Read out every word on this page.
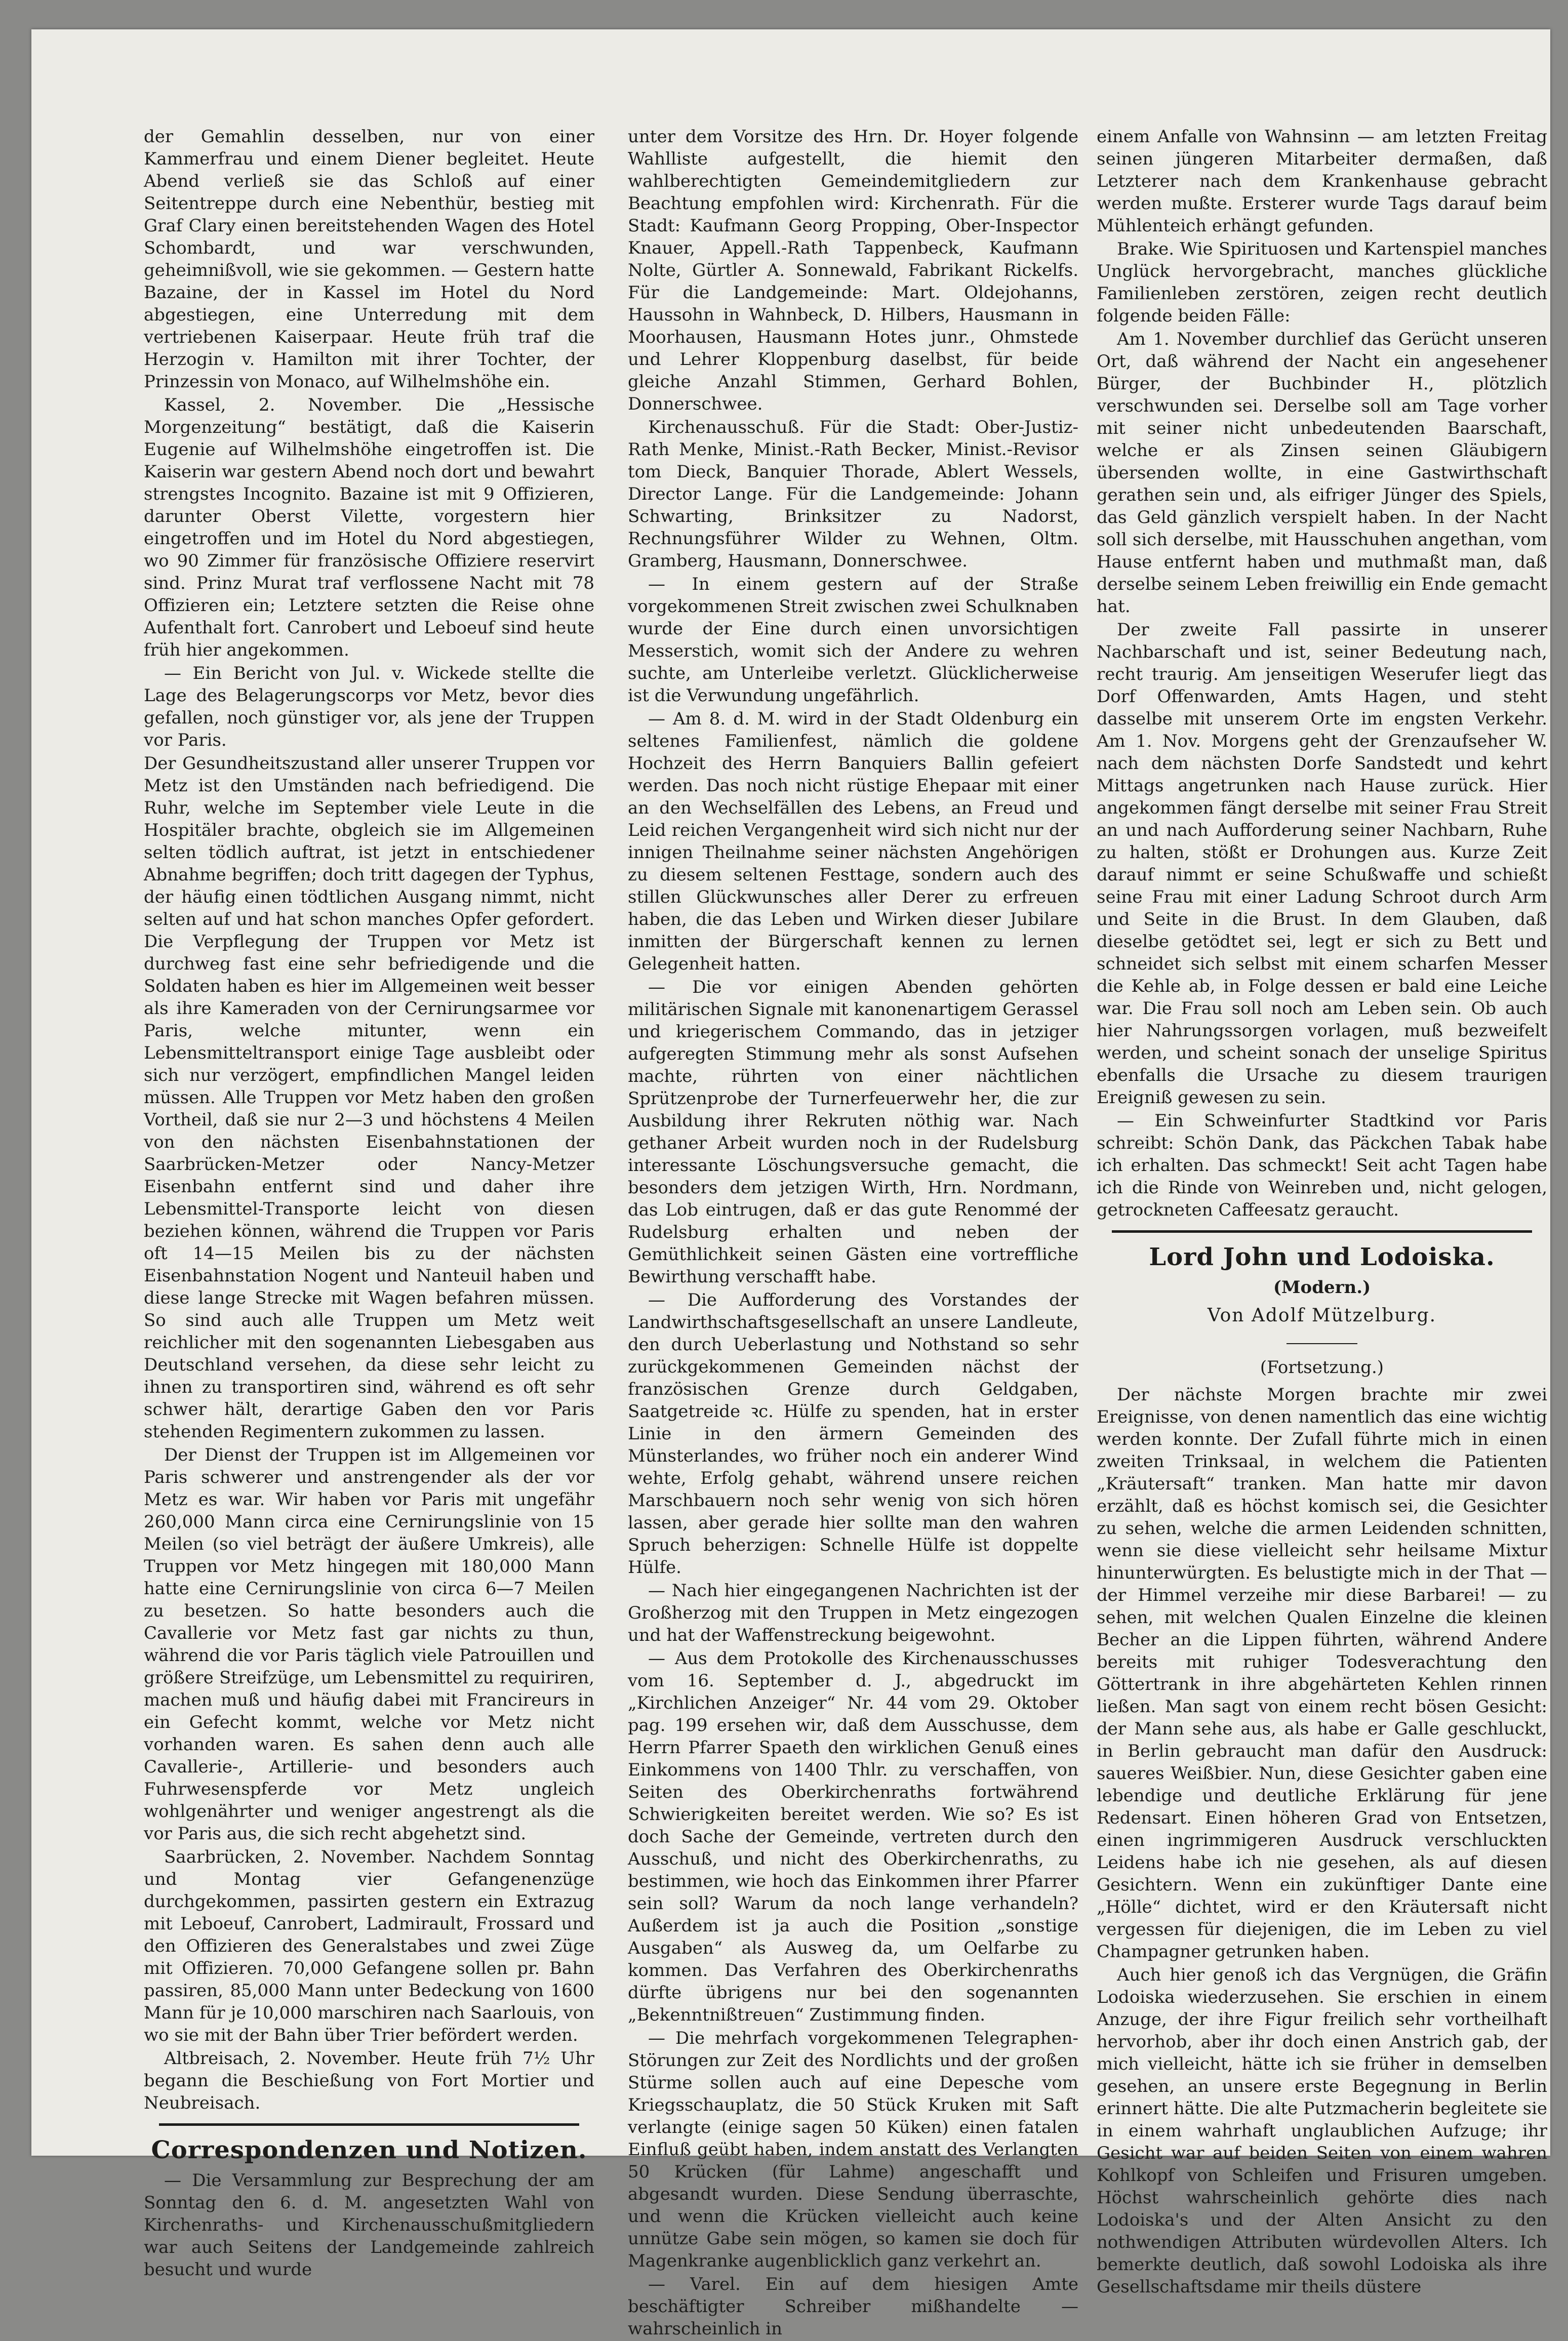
der Gemahlin desselben, nur von einer Kammerfrau und einem Diener begleitet. Heute Abend verließ sie das Schloß auf einer Seitentreppe durch eine Nebenthür, bestieg mit Graf Clary einen bereitstehenden Wagen des Hotel Schombardt, und war verschwunden, geheimnißvoll, wie sie gekommen. — Gestern hatte Bazaine, der in Kassel im Hotel du Nord abgestiegen, eine Unterredung mit dem vertriebenen Kaiserpaar. Heute früh traf die Herzogin v. Hamilton mit ihrer Tochter, der Prinzessin von Monaco, auf Wilhelmshöhe ein.

Kassel, 2. November. Die „Hessische Morgenzeitung“ bestätigt, daß die Kaiserin Eugenie auf Wilhelmshöhe eingetroffen ist. Die Kaiserin war gestern Abend noch dort und bewahrt strengstes Incognito. Bazaine ist mit 9 Offizieren, darunter Oberst Vilette, vorgestern hier eingetroffen und im Hotel du Nord abgestiegen, wo 90 Zimmer für französische Offiziere reservirt sind. Prinz Murat traf verflossene Nacht mit 78 Offizieren ein; Letztere setzten die Reise ohne Aufenthalt fort. Canrobert und Leboeuf sind heute früh hier angekommen.

— Ein Bericht von Jul. v. Wickede stellte die Lage des Belagerungscorps vor Metz, bevor dies gefallen, noch günstiger vor, als jene der Truppen vor Paris.

Der Gesundheitszustand aller unserer Truppen vor Metz ist den Umständen nach befriedigend. Die Ruhr, welche im September viele Leute in die Hospitäler brachte, obgleich sie im Allgemeinen selten tödlich auftrat, ist jetzt in entschiedener Abnahme begriffen; doch tritt dagegen der Typhus, der häufig einen tödtlichen Ausgang nimmt, nicht selten auf und hat schon manches Opfer gefordert. Die Verpflegung der Truppen vor Metz ist durchweg fast eine sehr befriedigende und die Soldaten haben es hier im Allgemeinen weit besser als ihre Kameraden von der Cernirungsarmee vor Paris, welche mitunter, wenn ein Lebensmitteltransport einige Tage ausbleibt oder sich nur verzögert, empfindlichen Mangel leiden müssen. Alle Truppen vor Metz haben den großen Vortheil, daß sie nur 2—3 und höchstens 4 Meilen von den nächsten Eisenbahnstationen der Saarbrücken-Metzer oder Nancy-Metzer Eisenbahn entfernt sind und daher ihre Lebensmittel-Transporte leicht von diesen beziehen können, während die Truppen vor Paris oft 14—15 Meilen bis zu der nächsten Eisenbahnstation Nogent und Nanteuil haben und diese lange Strecke mit Wagen befahren müssen. So sind auch alle Truppen um Metz weit reichlicher mit den sogenannten Liebesgaben aus Deutschland versehen, da diese sehr leicht zu ihnen zu transportiren sind, während es oft sehr schwer hält, derartige Gaben den vor Paris stehenden Regimentern zukommen zu lassen.

Der Dienst der Truppen ist im Allgemeinen vor Paris schwerer und anstrengender als der vor Metz es war. Wir haben vor Paris mit ungefähr 260,000 Mann circa eine Cernirungslinie von 15 Meilen (so viel beträgt der äußere Umkreis), alle Truppen vor Metz hingegen mit 180,000 Mann hatte eine Cernirungslinie von circa 6—7 Meilen zu besetzen. So hatte besonders auch die Cavallerie vor Metz fast gar nichts zu thun, während die vor Paris täglich viele Patrouillen und größere Streifzüge, um Lebensmittel zu requiriren, machen muß und häufig dabei mit Francireurs in ein Gefecht kommt, welche vor Metz nicht vorhanden waren. Es sahen denn auch alle Cavallerie-, Artillerie- und besonders auch Fuhrwesenspferde vor Metz ungleich wohlgenährter und weniger angestrengt als die vor Paris aus, die sich recht abgehetzt sind.

Saarbrücken, 2. November. Nachdem Sonntag und Montag vier Gefangenenzüge durchgekommen, passirten gestern ein Extrazug mit Leboeuf, Canrobert, Ladmirault, Frossard und den Offizieren des Generalstabes und zwei Züge mit Offizieren. 70,000 Gefangene sollen pr. Bahn passiren, 85,000 Mann unter Bedeckung von 1600 Mann für je 10,000 marschiren nach Saarlouis, von wo sie mit der Bahn über Trier befördert werden.

Altbreisach, 2. November. Heute früh 7½ Uhr begann die Beschießung von Fort Mortier und Neubreisach.

Correspondenzen und Notizen.

— Die Versammlung zur Besprechung der am Sonntag den 6. d. M. angesetzten Wahl von Kirchenraths- und Kirchenausschußmitgliedern war auch Seitens der Landgemeinde zahlreich besucht und wurde

unter dem Vorsitze des Hrn. Dr. Hoyer folgende Wahlliste aufgestellt, die hiemit den wahlberechtigten Gemeindemitgliedern zur Beachtung empfohlen wird: Kirchenrath. Für die Stadt: Kaufmann Georg Propping, Ober-Inspector Knauer, Appell.-Rath Tappenbeck, Kaufmann Nolte, Gürtler A. Sonnewald, Fabrikant Rickelfs. Für die Landgemeinde: Mart. Oldejohanns, Haussohn in Wahnbeck, D. Hilbers, Hausmann in Moorhausen, Hausmann Hotes junr., Ohmstede und Lehrer Kloppenburg daselbst, für beide gleiche Anzahl Stimmen, Gerhard Bohlen, Donnerschwee.

Kirchenausschuß. Für die Stadt: Ober-Justiz-Rath Menke, Minist.-Rath Becker, Minist.-Revisor tom Dieck, Banquier Thorade, Ablert Wessels, Director Lange. Für die Landgemeinde: Johann Schwarting, Brinksitzer zu Nadorst, Rechnungsführer Wilder zu Wehnen, Oltm. Gramberg, Hausmann, Donnerschwee.

— In einem gestern auf der Straße vorgekommenen Streit zwischen zwei Schulknaben wurde der Eine durch einen unvorsichtigen Messerstich, womit sich der Andere zu wehren suchte, am Unterleibe verletzt. Glücklicherweise ist die Verwundung ungefährlich.

— Am 8. d. M. wird in der Stadt Oldenburg ein seltenes Familienfest, nämlich die goldene Hochzeit des Herrn Banquiers Ballin gefeiert werden. Das noch nicht rüstige Ehepaar mit einer an den Wechselfällen des Lebens, an Freud und Leid reichen Vergangenheit wird sich nicht nur der innigen Theilnahme seiner nächsten Angehörigen zu diesem seltenen Festtage, sondern auch des stillen Glückwunsches aller Derer zu erfreuen haben, die das Leben und Wirken dieser Jubilare inmitten der Bürgerschaft kennen zu lernen Gelegenheit hatten.

— Die vor einigen Abenden gehörten militärischen Signale mit kanonenartigem Gerassel und kriegerischem Commando, das in jetziger aufgeregten Stimmung mehr als sonst Aufsehen machte, rührten von einer nächtlichen Sprützenprobe der Turnerfeuerwehr her, die zur Ausbildung ihrer Rekruten nöthig war. Nach gethaner Arbeit wurden noch in der Rudelsburg interessante Löschungsversuche gemacht, die besonders dem jetzigen Wirth, Hrn. Nordmann, das Lob eintrugen, daß er das gute Renommé der Rudelsburg erhalten und neben der Gemüthlichkeit seinen Gästen eine vortreffliche Bewirthung verschafft habe.

— Die Aufforderung des Vorstandes der Landwirthschaftsgesellschaft an unsere Landleute, den durch Ueberlastung und Nothstand so sehr zurückgekommenen Gemeinden nächst der französischen Grenze durch Geldgaben, Saatgetreide ꝛc. Hülfe zu spenden, hat in erster Linie in den ärmern Gemeinden des Münsterlandes, wo früher noch ein anderer Wind wehte, Erfolg gehabt, während unsere reichen Marschbauern noch sehr wenig von sich hören lassen, aber gerade hier sollte man den wahren Spruch beherzigen: Schnelle Hülfe ist doppelte Hülfe.

— Nach hier eingegangenen Nachrichten ist der Großherzog mit den Truppen in Metz eingezogen und hat der Waffenstreckung beigewohnt.

— Aus dem Protokolle des Kirchenausschusses vom 16. September d. J., abgedruckt im „Kirchlichen Anzeiger“ Nr. 44 vom 29. Oktober pag. 199 ersehen wir, daß dem Ausschusse, dem Herrn Pfarrer Spaeth den wirklichen Genuß eines Einkommens von 1400 Thlr. zu verschaffen, von Seiten des Oberkirchenraths fortwährend Schwierigkeiten bereitet werden. Wie so? Es ist doch Sache der Gemeinde, vertreten durch den Ausschuß, und nicht des Oberkirchenraths, zu bestimmen, wie hoch das Einkommen ihrer Pfarrer sein soll? Warum da noch lange verhandeln? Außerdem ist ja auch die Position „sonstige Ausgaben“ als Ausweg da, um Oelfarbe zu kommen. Das Verfahren des Oberkirchenraths dürfte übrigens nur bei den sogenannten „Bekenntnißtreuen“ Zustimmung finden.

— Die mehrfach vorgekommenen Telegraphen-Störungen zur Zeit des Nordlichts und der großen Stürme sollen auch auf eine Depesche vom Kriegsschauplatz, die 50 Stück Kruken mit Saft verlangte (einige sagen 50 Küken) einen fatalen Einfluß geübt haben, indem anstatt des Verlangten 50 Krücken (für Lahme) angeschafft und abgesandt wurden. Diese Sendung überraschte, und wenn die Krücken vielleicht auch keine unnütze Gabe sein mögen, so kamen sie doch für Magenkranke augenblicklich ganz verkehrt an.

— Varel. Ein auf dem hiesigen Amte beschäftigter Schreiber mißhandelte — wahrscheinlich in

einem Anfalle von Wahnsinn — am letzten Freitag seinen jüngeren Mitarbeiter dermaßen, daß Letzterer nach dem Krankenhause gebracht werden mußte. Ersterer wurde Tags darauf beim Mühlenteich erhängt gefunden.

Brake. Wie Spirituosen und Kartenspiel manches Unglück hervorgebracht, manches glückliche Familienleben zerstören, zeigen recht deutlich folgende beiden Fälle:

Am 1. November durchlief das Gerücht unseren Ort, daß während der Nacht ein angesehener Bürger, der Buchbinder H., plötzlich verschwunden sei. Derselbe soll am Tage vorher mit seiner nicht unbedeutenden Baarschaft, welche er als Zinsen seinen Gläubigern übersenden wollte, in eine Gastwirthschaft gerathen sein und, als eifriger Jünger des Spiels, das Geld gänzlich verspielt haben. In der Nacht soll sich derselbe, mit Hausschuhen angethan, vom Hause entfernt haben und muthmaßt man, daß derselbe seinem Leben freiwillig ein Ende gemacht hat.

Der zweite Fall passirte in unserer Nachbarschaft und ist, seiner Bedeutung nach, recht traurig. Am jenseitigen Weserufer liegt das Dorf Offenwarden, Amts Hagen, und steht dasselbe mit unserem Orte im engsten Verkehr. Am 1. Nov. Morgens geht der Grenzaufseher W. nach dem nächsten Dorfe Sandstedt und kehrt Mittags angetrunken nach Hause zurück. Hier angekommen fängt derselbe mit seiner Frau Streit an und nach Aufforderung seiner Nachbarn, Ruhe zu halten, stößt er Drohungen aus. Kurze Zeit darauf nimmt er seine Schußwaffe und schießt seine Frau mit einer Ladung Schroot durch Arm und Seite in die Brust. In dem Glauben, daß dieselbe getödtet sei, legt er sich zu Bett und schneidet sich selbst mit einem scharfen Messer die Kehle ab, in Folge dessen er bald eine Leiche war. Die Frau soll noch am Leben sein. Ob auch hier Nahrungssorgen vorlagen, muß bezweifelt werden, und scheint sonach der unselige Spiritus ebenfalls die Ursache zu diesem traurigen Ereigniß gewesen zu sein.

— Ein Schweinfurter Stadtkind vor Paris schreibt: Schön Dank, das Päckchen Tabak habe ich erhalten. Das schmeckt! Seit acht Tagen habe ich die Rinde von Weinreben und, nicht gelogen, getrockneten Caffeesatz geraucht.

Lord John und Lodoiska.
(Modern.)
Von Adolf Mützelburg.
(Fortsetzung.)

Der nächste Morgen brachte mir zwei Ereignisse, von denen namentlich das eine wichtig werden konnte. Der Zufall führte mich in einen zweiten Trinksaal, in welchem die Patienten „Kräutersaft“ tranken. Man hatte mir davon erzählt, daß es höchst komisch sei, die Gesichter zu sehen, welche die armen Leidenden schnitten, wenn sie diese vielleicht sehr heilsame Mixtur hinunterwürgten. Es belustigte mich in der That — der Himmel verzeihe mir diese Barbarei! — zu sehen, mit welchen Qualen Einzelne die kleinen Becher an die Lippen führten, während Andere bereits mit ruhiger Todesverachtung den Göttertrank in ihre abgehärteten Kehlen rinnen ließen. Man sagt von einem recht bösen Gesicht: der Mann sehe aus, als habe er Galle geschluckt, in Berlin gebraucht man dafür den Ausdruck: saueres Weißbier. Nun, diese Gesichter gaben eine lebendige und deutliche Erklärung für jene Redensart. Einen höheren Grad von Entsetzen, einen ingrimmigeren Ausdruck verschluckten Leidens habe ich nie gesehen, als auf diesen Gesichtern. Wenn ein zukünftiger Dante eine „Hölle“ dichtet, wird er den Kräutersaft nicht vergessen für diejenigen, die im Leben zu viel Champagner getrunken haben.

Auch hier genoß ich das Vergnügen, die Gräfin Lodoiska wiederzusehen. Sie erschien in einem Anzuge, der ihre Figur freilich sehr vortheilhaft hervorhob, aber ihr doch einen Anstrich gab, der mich vielleicht, hätte ich sie früher in demselben gesehen, an unsere erste Begegnung in Berlin erinnert hätte. Die alte Putzmacherin begleitete sie in einem wahrhaft unglaublichen Aufzuge; ihr Gesicht war auf beiden Seiten von einem wahren Kohlkopf von Schleifen und Frisuren umgeben. Höchst wahrscheinlich gehörte dies nach Lodoiska's und der Alten Ansicht zu den nothwendigen Attributen würdevollen Alters. Ich bemerkte deutlich, daß sowohl Lodoiska als ihre Gesellschaftsdame mir theils düstere
